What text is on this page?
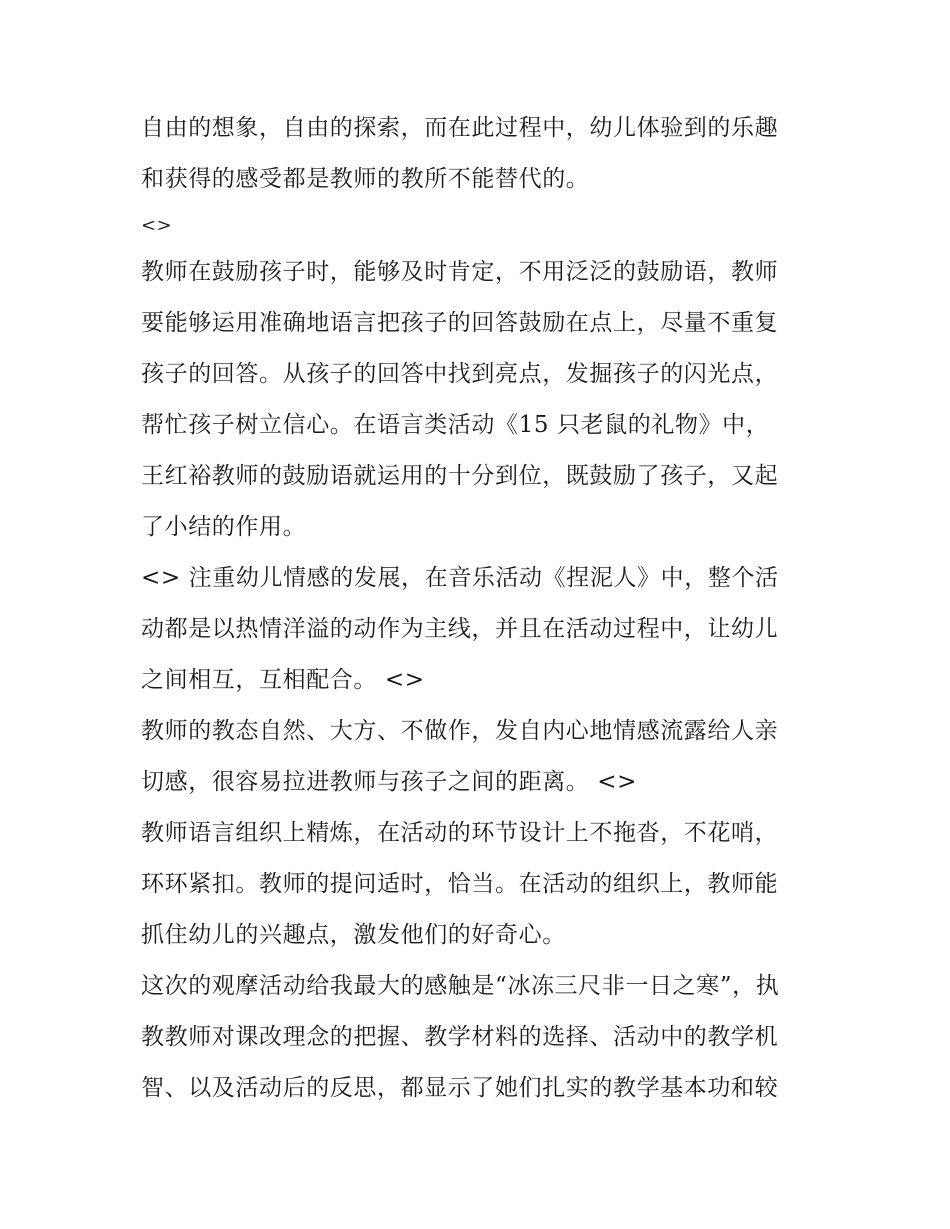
自由的想象，自由的探索，而在此过程中，幼儿体验到的乐趣
和获得的感受都是教师的教所不能替代的。
<>
教师在鼓励孩子时，能够及时肯定，不用泛泛的鼓励语，教师
要能够运用准确地语言把孩子的回答鼓励在点上，尽量不重复
孩子的回答。从孩子的回答中找到亮点，发掘孩子的闪光点，
帮忙孩子树立信心。在语言类活动《15 只老鼠的礼物》中，
王红裕教师的鼓励语就运用的十分到位，既鼓励了孩子，又起
了小结的作用。
<> 注重幼儿情感的发展，在音乐活动《捏泥人》中，整个活
动都是以热情洋溢的动作为主线，并且在活动过程中，让幼儿
之间相互，互相配合。 <>
教师的教态自然、大方、不做作，发自内心地情感流露给人亲
切感，很容易拉进教师与孩子之间的距离。 <>
教师语言组织上精炼，在活动的环节设计上不拖沓，不花哨，
环环紧扣。教师的提问适时，恰当。在活动的组织上，教师能
抓住幼儿的兴趣点，激发他们的好奇心。
这次的观摩活动给我最大的感触是“冰冻三尺非一日之寒”，执
教教师对课改理念的把握、教学材料的选择、活动中的教学机
智、以及活动后的反思，都显示了她们扎实的教学基本功和较
